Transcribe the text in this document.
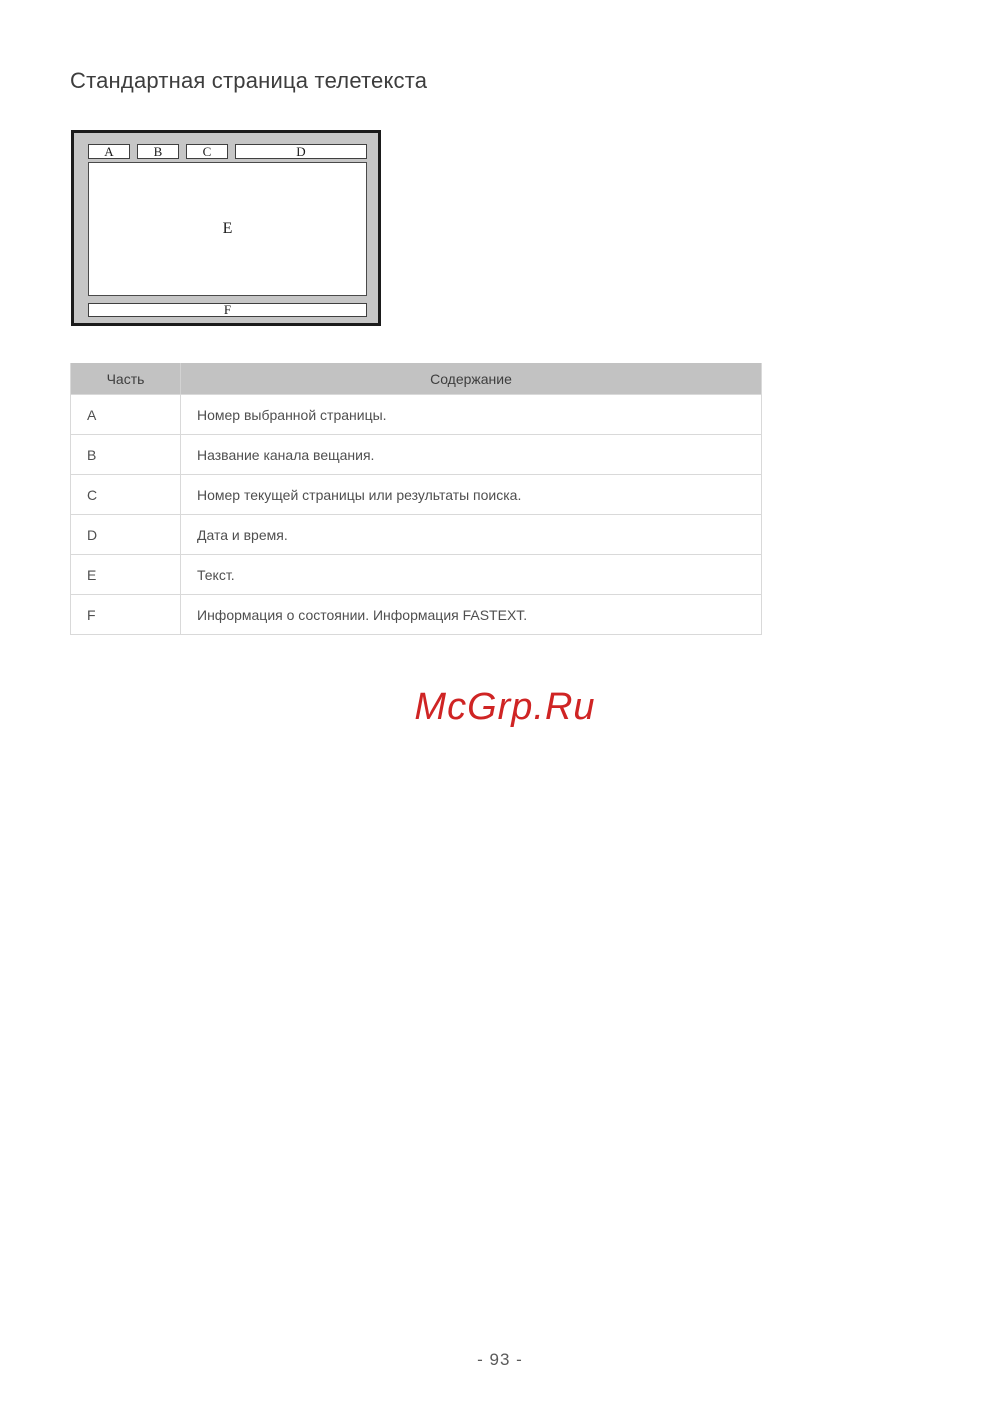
Стандартная страница телетекста
A	B	C	D
E
F
Часть	Содержание
A	Номер выбранной страницы.
B	Название канала вещания.
C	Номер текущей страницы или результаты поиска.
D	Дата и время.
E	Текст.
F	Информация о состоянии. Информация FASTEXT.
McGrp.Ru
- 93 -
